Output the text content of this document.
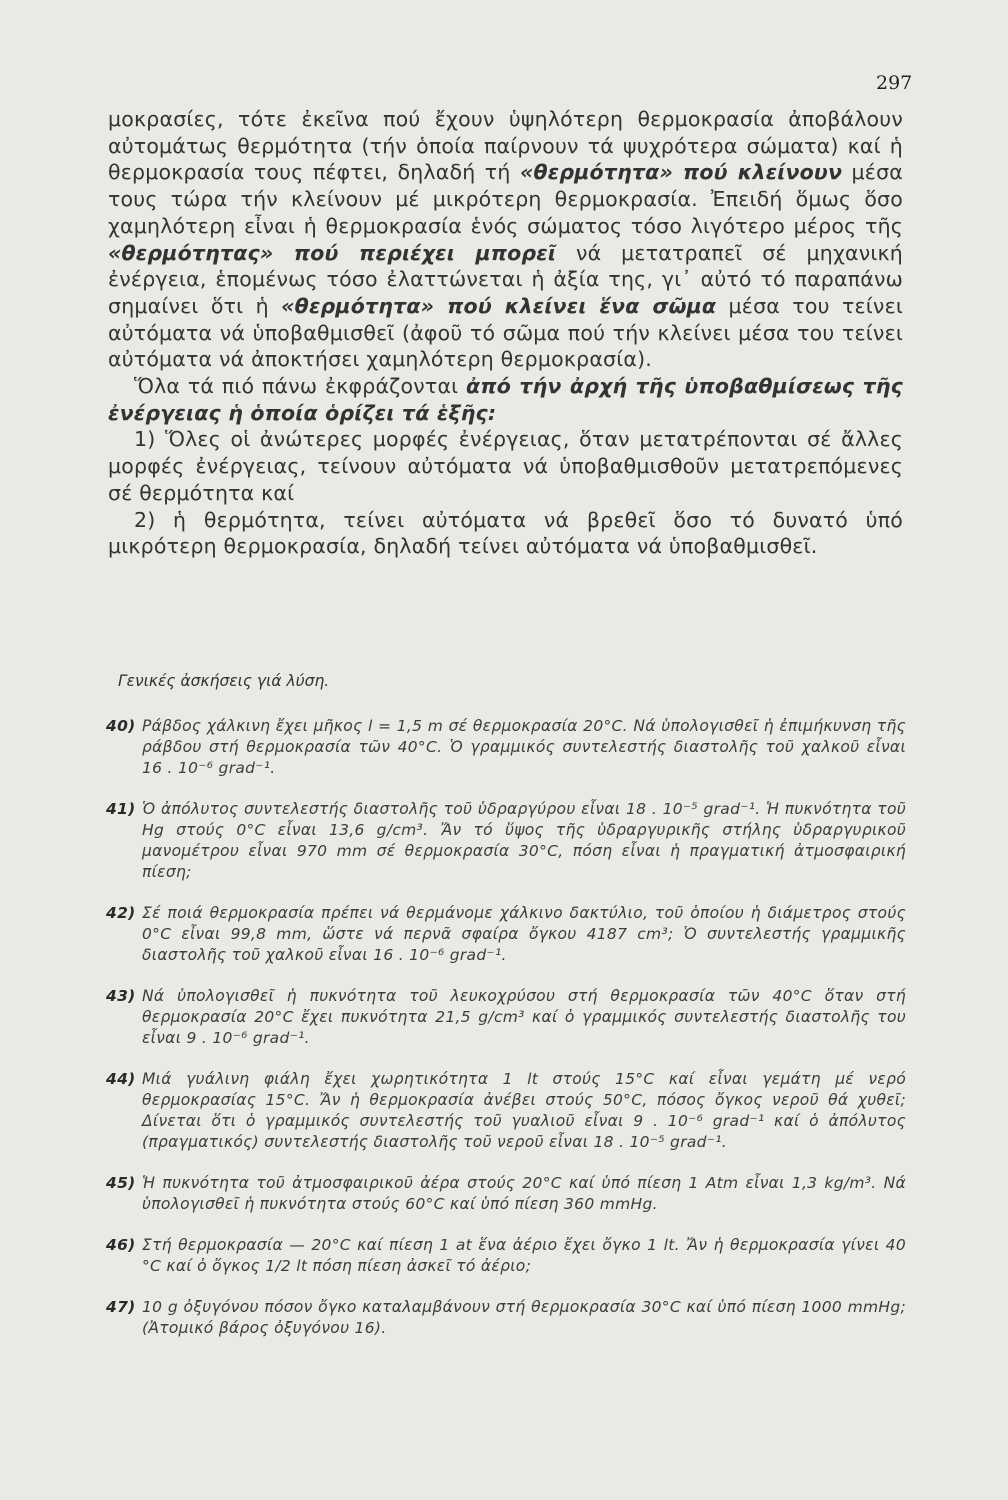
297

μοκρασίες, τότε ἐκεῖνα πού ἔχουν ὑψηλότερη θερμοκρασία ἀποβάλουν αὐτομάτως θερμότητα (τήν ὁποία παίρνουν τά ψυχρότερα σώματα) καί ἡ θερμοκρασία τους πέφτει, δηλαδή τή «θερμότητα» πού κλείνουν μέσα τους τώρα τήν κλείνουν μέ μικρότερη θερμοκρασία. Ἐπειδή ὅμως ὅσο χαμηλότερη εἶναι ἡ θερμοκρασία ἑνός σώματος τόσο λιγότερο μέρος τῆς «θερμότητας» πού περιέχει μπορεῖ νά μετατραπεῖ σέ μηχανική ἐνέργεια, ἑπομένως τόσο ἐλαττώνεται ἡ ἀξία της, γι᾽ αὐτό τό παραπάνω σημαίνει ὅτι ἡ «θερμότητα» πού κλείνει ἕνα σῶμα μέσα του τείνει αὐτόματα νά ὑποβαθμισθεῖ (ἀφοῦ τό σῶμα πού τήν κλείνει μέσα του τείνει αὐτόματα νά ἀποκτήσει χαμηλότερη θερμοκρασία).

Ὅλα τά πιό πάνω ἐκφράζονται ἀπό τήν ἀρχή τῆς ὑποβαθμίσεως τῆς ἐνέργειας ἡ ὁποία ὁρίζει τά ἑξῆς:

1) Ὅλες οἱ ἀνώτερες μορφές ἐνέργειας, ὅταν μετατρέπονται σέ ἄλλες μορφές ἐνέργειας, τείνουν αὐτόματα νά ὑποβαθμισθοῦν μετατρεπόμενες σέ θερμότητα καί

2) ἡ θερμότητα, τείνει αὐτόματα νά βρεθεῖ ὅσο τό δυνατό ὑπό μικρότερη θερμοκρασία, δηλαδή τείνει αὐτόματα νά ὑποβαθμισθεῖ.

Γενικές ἀσκήσεις γιά λύση.
40) Ράβδος χάλκινη ἔχει μῆκος l = 1,5 m σέ θερμοκρασία 20°C. Νά ὑπολογισθεῖ ἡ ἐπιμήκυνση τῆς ράβδου στή θερμοκρασία τῶν 40°C. Ὁ γραμμικός συντελεστής διαστολῆς τοῦ χαλκοῦ εἶναι 16 . 10⁻⁶ grad⁻¹.
41) Ὁ ἀπόλυτος συντελεστής διαστολῆς τοῦ ὑδραργύρου εἶναι 18 . 10⁻⁵ grad⁻¹. Ἡ πυκνότητα τοῦ Hg στούς 0°C εἶναι 13,6 g/cm³. Ἄν τό ὕψος τῆς ὑδραργυρικῆς στήλης ὑδραργυρικοῦ μανομέτρου εἶναι 970 mm σέ θερμοκρασία 30°C, πόση εἶναι ἡ πραγματική ἀτμοσφαιρική πίεση;
42) Σέ ποιά θερμοκρασία πρέπει νά θερμάνομε χάλκινο δακτύλιο, τοῦ ὁποίου ἡ διάμετρος στούς 0°C εἶναι 99,8 mm, ὥστε νά περνᾶ σφαίρα ὄγκου 4187 cm³; Ὁ συντελεστής γραμμικῆς διαστολῆς τοῦ χαλκοῦ εἶναι 16 . 10⁻⁶ grad⁻¹.
43) Νά ὑπολογισθεῖ ἡ πυκνότητα τοῦ λευκοχρύσου στή θερμοκρασία τῶν 40°C ὅταν στή θερμοκρασία 20°C ἔχει πυκνότητα 21,5 g/cm³ καί ὁ γραμμικός συντελεστής διαστολῆς του εἶναι 9 . 10⁻⁶ grad⁻¹.
44) Μιά γυάλινη φιάλη ἔχει χωρητικότητα 1 lt στούς 15°C καί εἶναι γεμάτη μέ νερό θερμοκρασίας 15°C. Ἄν ἡ θερμοκρασία ἀνέβει στούς 50°C, πόσος ὄγκος νεροῦ θά χυθεῖ; Δίνεται ὅτι ὁ γραμμικός συντελεστής τοῦ γυαλιοῦ εἶναι 9 . 10⁻⁶ grad⁻¹ καί ὁ ἀπόλυτος (πραγματικός) συντελεστής διαστολῆς τοῦ νεροῦ εἶναι 18 . 10⁻⁵ grad⁻¹.
45) Ἡ πυκνότητα τοῦ ἀτμοσφαιρικοῦ ἀέρα στούς 20°C καί ὑπό πίεση 1 Atm εἶναι 1,3 kg/m³. Νά ὑπολογισθεῖ ἡ πυκνότητα στούς 60°C καί ὑπό πίεση 360 mmHg.
46) Στή θερμοκρασία — 20°C καί πίεση 1 at ἕνα ἀέριο ἔχει ὄγκο 1 lt. Ἄν ἡ θερμοκρασία γίνει 40 °C καί ὁ ὄγκος 1/2 lt πόση πίεση ἀσκεῖ τό ἀέριο;
47) 10 g ὀξυγόνου πόσον ὄγκο καταλαμβάνουν στή θερμοκρασία 30°C καί ὑπό πίεση 1000 mmHg; (Ἀτομικό βάρος ὀξυγόνου 16).
